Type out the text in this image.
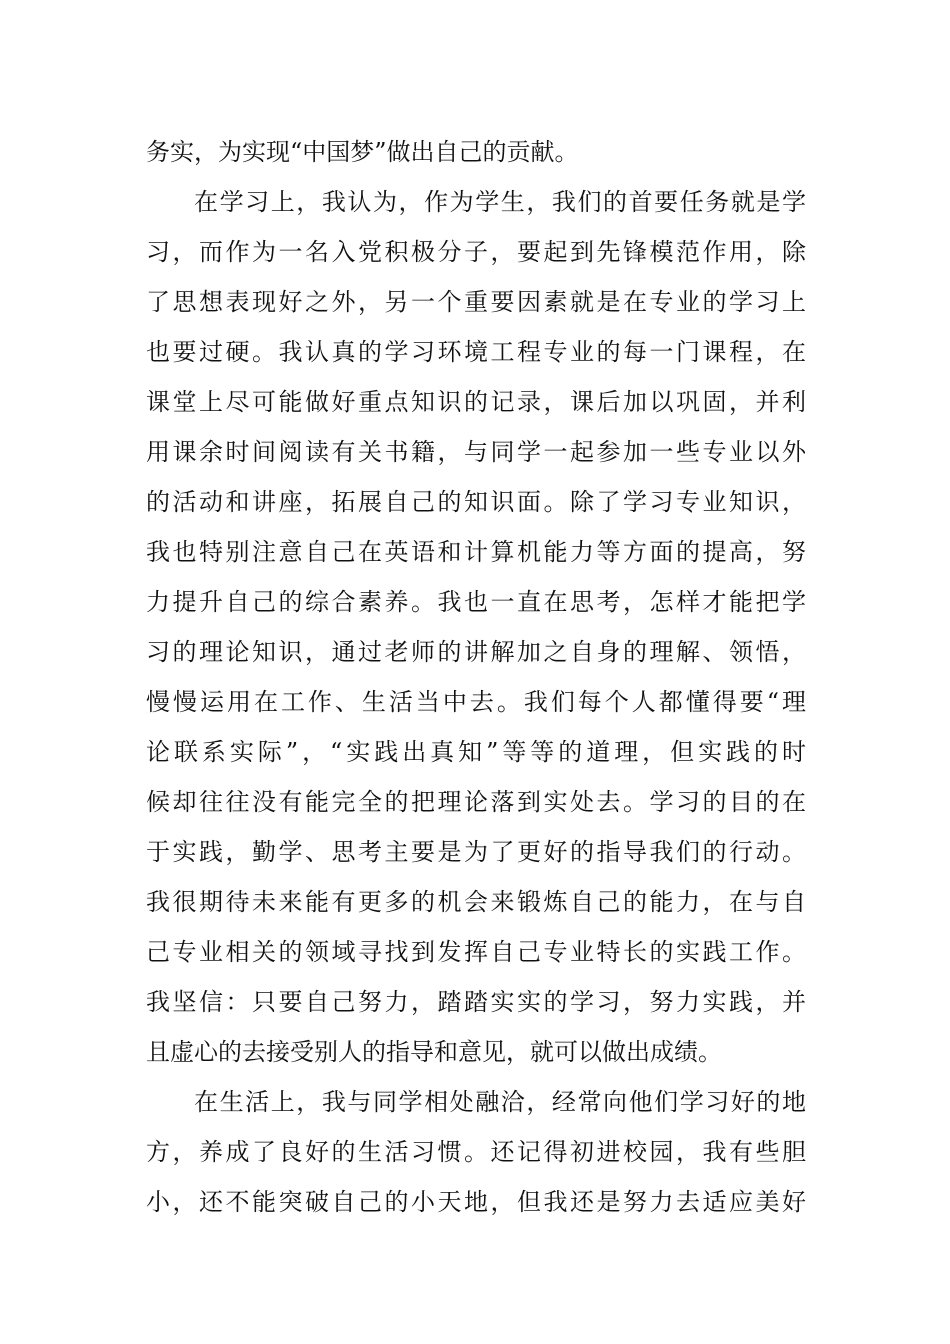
务实，为实现“中国梦”做出自己的贡献。
在学习上，我认为，作为学生，我们的首要任务就是学
习，而作为一名入党积极分子，要起到先锋模范作用，除
了思想表现好之外，另一个重要因素就是在专业的学习上
也要过硬。我认真的学习环境工程专业的每一门课程，在
课堂上尽可能做好重点知识的记录，课后加以巩固，并利
用课余时间阅读有关书籍，与同学一起参加一些专业以外
的活动和讲座，拓展自己的知识面。除了学习专业知识，
我也特别注意自己在英语和计算机能力等方面的提高，努
力提升自己的综合素养。我也一直在思考，怎样才能把学
习的理论知识，通过老师的讲解加之自身的理解、领悟，
慢慢运用在工作、生活当中去。我们每个人都懂得要“理
论联系实际”，“实践出真知”等等的道理，但实践的时
候却往往没有能完全的把理论落到实处去。学习的目的在
于实践，勤学、思考主要是为了更好的指导我们的行动。
我很期待未来能有更多的机会来锻炼自己的能力，在与自
己专业相关的领域寻找到发挥自己专业特长的实践工作。
我坚信：只要自己努力，踏踏实实的学习，努力实践，并
且虚心的去接受别人的指导和意见，就可以做出成绩。
在生活上，我与同学相处融洽，经常向他们学习好的地
方，养成了良好的生活习惯。还记得初进校园，我有些胆
小，还不能突破自己的小天地，但我还是努力去适应美好
